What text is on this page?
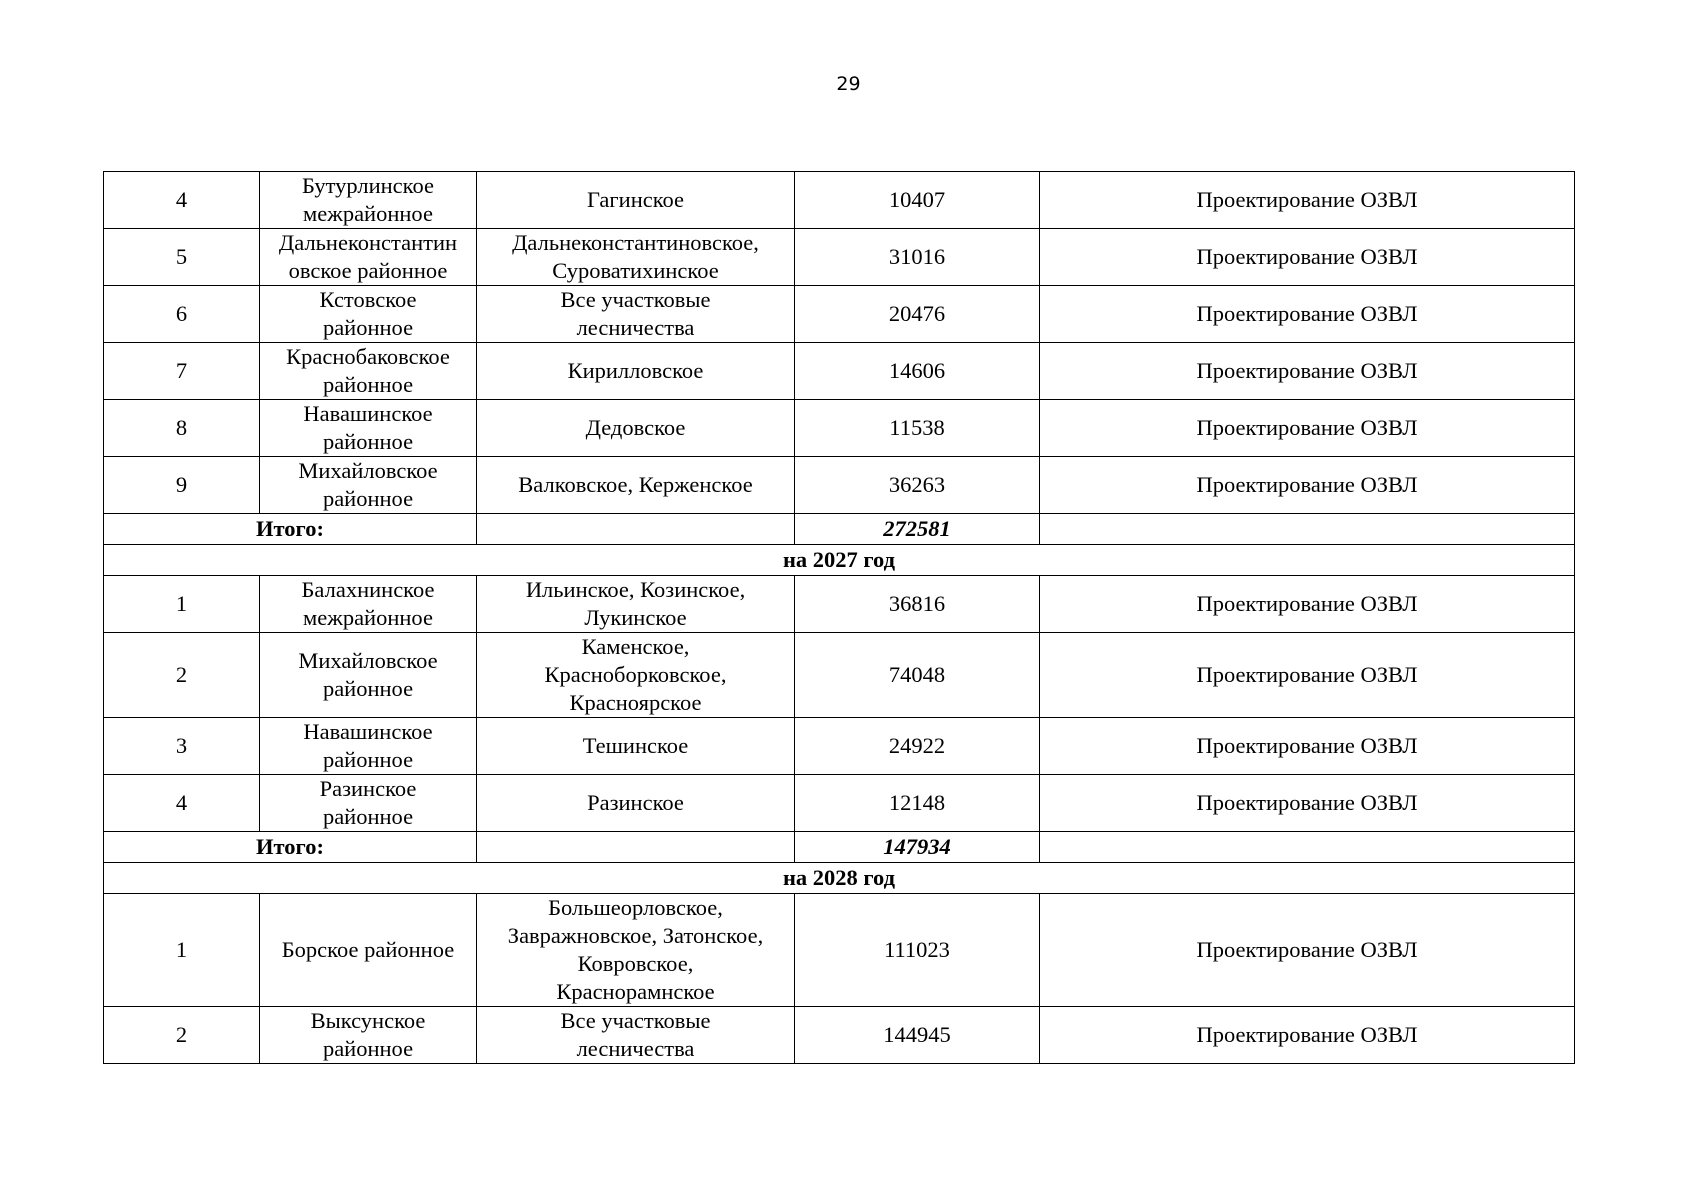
29
4	Бутурлинское
межрайонное	Гагинское	10407	Проектирование ОЗВЛ
5	Дальнеконстантин
овское районное	Дальнеконстантиновское,
Суроватихинское	31016	Проектирование ОЗВЛ
6	Кстовское
районное	Все участковые
лесничества	20476	Проектирование ОЗВЛ
7	Краснобаковское
районное	Кирилловское	14606	Проектирование ОЗВЛ
8	Навашинское
районное	Дедовское	11538	Проектирование ОЗВЛ
9	Михайловское
районное	Валковское, Керженское	36263	Проектирование ОЗВЛ
Итого:			272581	
на 2027 год				
1	Балахнинское
межрайонное	Ильинское, Козинское,
Лукинское	36816	Проектирование ОЗВЛ
2	Михайловское
районное	Каменское,
Красноборковское,
Красноярское	74048	Проектирование ОЗВЛ
3	Навашинское
районное	Тешинское	24922	Проектирование ОЗВЛ
4	Разинское
районное	Разинское	12148	Проектирование ОЗВЛ
Итого:			147934	
на 2028 год				
1	Борское районное	Большеорловское,
Завражновское, Затонское,
Ковровское,
Краснорамнское	111023	Проектирование ОЗВЛ
2	Выксунское
районное	Все участковые
лесничества	144945	Проектирование ОЗВЛ
